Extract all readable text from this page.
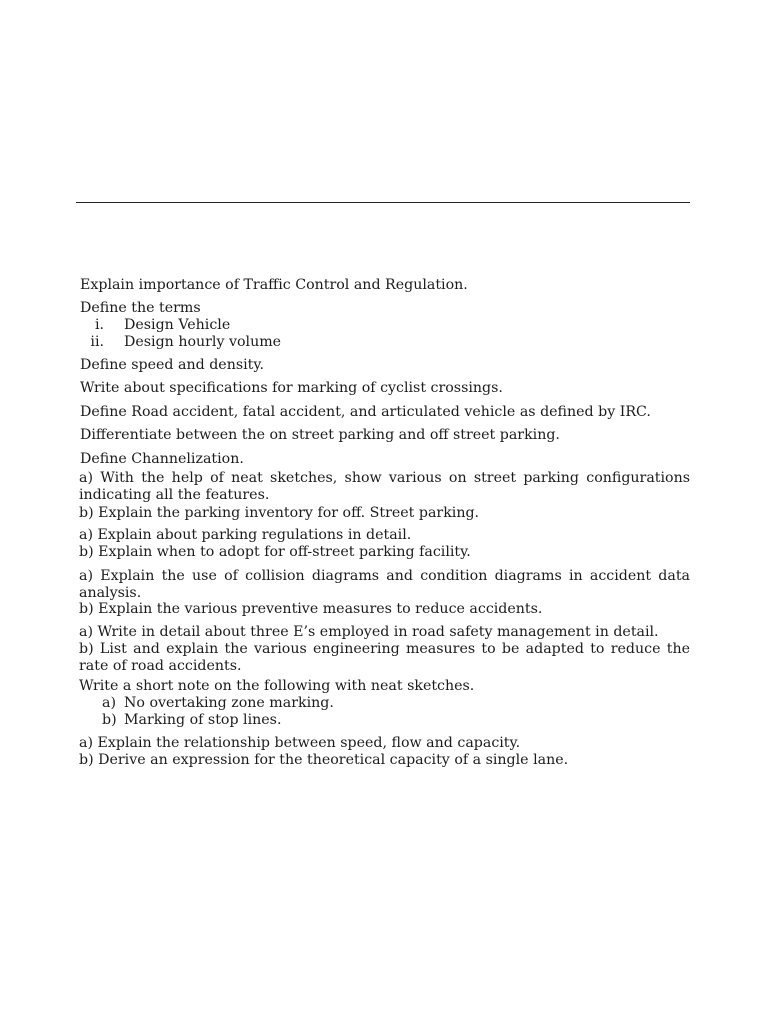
Explain importance of Traffic Control and Regulation.
Define the terms
i. Design Vehicle
ii. Design hourly volume
Define speed and density.
Write about specifications for marking of cyclist crossings.
Define Road accident, fatal accident, and articulated vehicle as defined by IRC.
Differentiate between the on street parking and off street parking.
Define Channelization.
a) With the help of neat sketches, show various on street parking configurations
indicating all the features.
b) Explain the parking inventory for off. Street parking.
a) Explain about parking regulations in detail.
b) Explain when to adopt for off-street parking facility.
a) Explain the use of collision diagrams and condition diagrams in accident data
analysis.
b) Explain the various preventive measures to reduce accidents.
a) Write in detail about three E’s employed in road safety management in detail.
b) List and explain the various engineering measures to be adapted to reduce the
rate of road accidents.
Write a short note on the following with neat sketches.
a) No overtaking zone marking.
b) Marking of stop lines.
a) Explain the relationship between speed, flow and capacity.
b) Derive an expression for the theoretical capacity of a single lane.
